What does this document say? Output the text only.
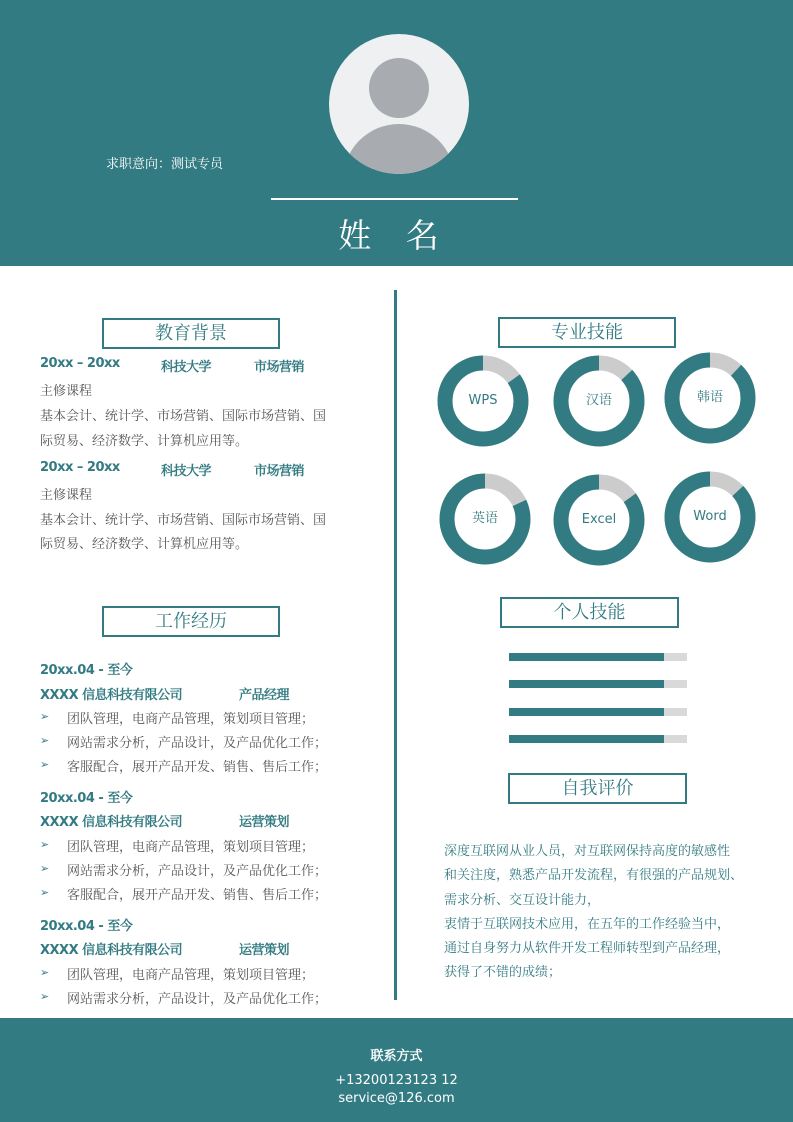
求职意向：测试专员
姓 名
教育背景
20xx – 20xx	科技大学	市场营销
主修课程
基本会计、统计学、市场营销、国际市场营销、国
际贸易、经济数学、计算机应用等。
20xx – 20xx	科技大学	市场营销
主修课程
基本会计、统计学、市场营销、国际市场营销、国
际贸易、经济数学、计算机应用等。
工作经历
20xx.04 - 至今
XXXX 信息科技有限公司	产品经理
➢ 团队管理，电商产品管理，策划项目管理；
➢ 网站需求分析，产品设计，及产品优化工作；
➢ 客服配合，展开产品开发、销售、售后工作；
20xx.04 - 至今
XXXX 信息科技有限公司	运营策划
➢ 团队管理，电商产品管理，策划项目管理；
➢ 网站需求分析，产品设计，及产品优化工作；
➢ 客服配合，展开产品开发、销售、售后工作；
20xx.04 - 至今
XXXX 信息科技有限公司	运营策划
➢ 团队管理，电商产品管理，策划项目管理；
➢ 网站需求分析，产品设计，及产品优化工作；
专业技能
WPS	汉语	韩语
英语	Excel	Word
个人技能
自我评价
深度互联网从业人员，对互联网保持高度的敏感性
和关注度，熟悉产品开发流程，有很强的产品规划、
需求分析、交互设计能力，
衷情于互联网技术应用，在五年的工作经验当中，
通过自身努力从软件开发工程师转型到产品经理，
获得了不错的成绩；
联系方式
+13200123123 12
service@126.com
